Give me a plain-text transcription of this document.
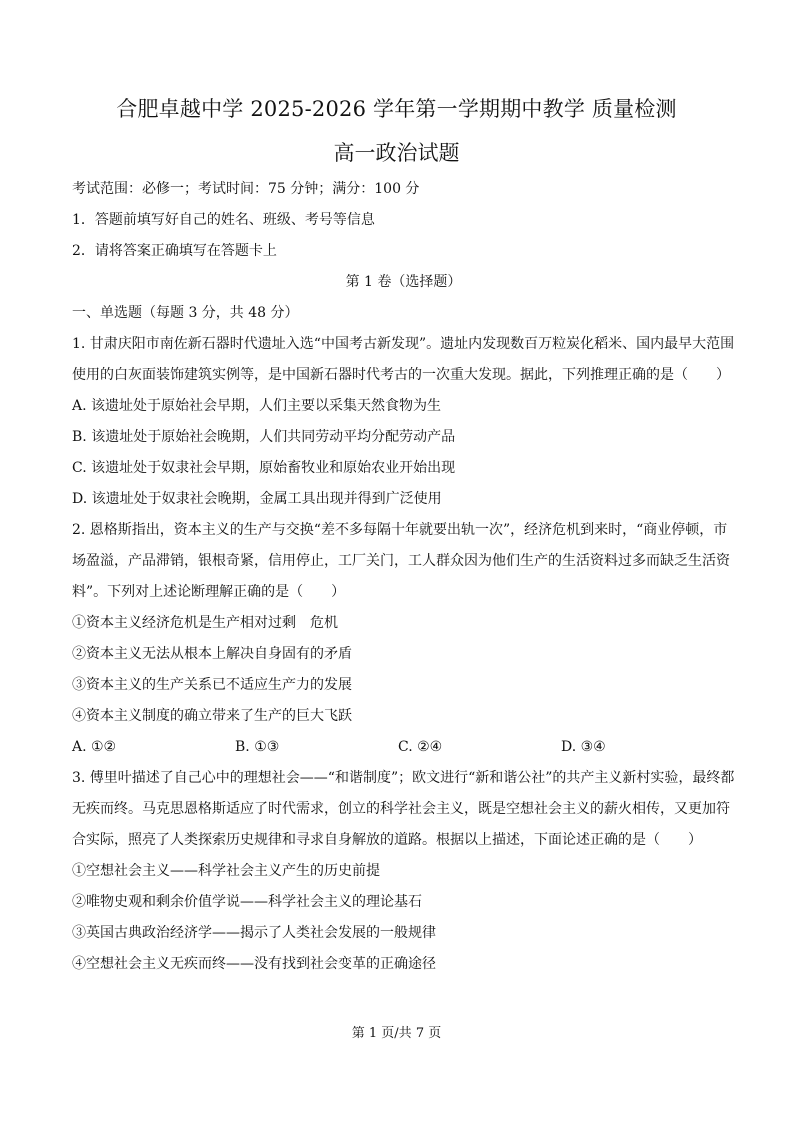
合肥卓越中学 2025-2026 学年第一学期期中教学 质量检测
高一政治试题
考试范围：必修一；考试时间：75 分钟；满分：100 分
1．答题前填写好自己的姓名、班级、考号等信息
2．请将答案正确填写在答题卡上
第 1 卷（选择题）
一、单选题（每题 3 分，共 48 分）
1. 甘肃庆阳市南佐新石器时代遗址入选“中国考古新发现”。遗址内发现数百万粒炭化稻米、国内最早大范围使用的白灰面装饰建筑实例等，是中国新石器时代考古的一次重大发现。据此，下列推理正确的是（　　）
A. 该遗址处于原始社会早期，人们主要以采集天然食物为生
B. 该遗址处于原始社会晚期，人们共同劳动平均分配劳动产品
C. 该遗址处于奴隶社会早期，原始畜牧业和原始农业开始出现
D. 该遗址处于奴隶社会晚期，金属工具出现并得到广泛使用
2. 恩格斯指出，资本主义的生产与交换“差不多每隔十年就要出轨一次”，经济危机到来时，“商业停顿，市场盈溢，产品滞销，银根奇紧，信用停止，工厂关门，工人群众因为他们生产的生活资料过多而缺乏生活资料”。下列对上述论断理解正确的是（　　）
①资本主义经济危机是生产相对过剩　危机
②资本主义无法从根本上解决自身固有的矛盾
③资本主义的生产关系已不适应生产力的发展
④资本主义制度的确立带来了生产的巨大飞跃
A. ①②	B. ①③	C. ②④	D. ③④
3. 傅里叶描述了自己心中的理想社会——“和谐制度”；欧文进行“新和谐公社”的共产主义新村实验，最终都无疾而终。马克思恩格斯适应了时代需求，创立的科学社会主义，既是空想社会主义的薪火相传，又更加符合实际，照亮了人类探索历史规律和寻求自身解放的道路。根据以上描述，下面论述正确的是（　　）
①空想社会主义——科学社会主义产生的历史前提
②唯物史观和剩余价值学说——科学社会主义的理论基石
③英国古典政治经济学——揭示了人类社会发展的一般规律
④空想社会主义无疾而终——没有找到社会变革的正确途径
第 1 页/共 7 页
